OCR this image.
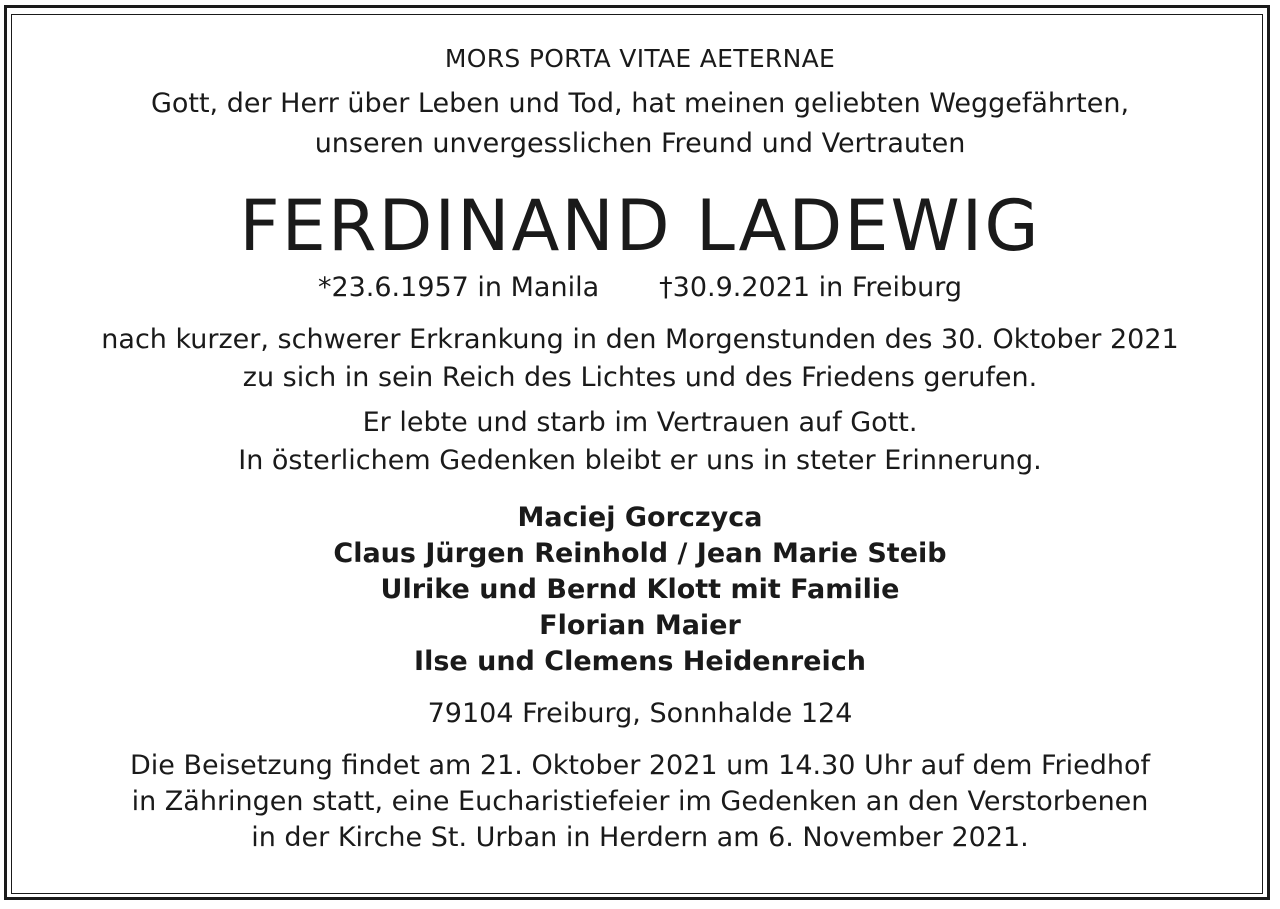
MORS PORTA VITAE AETERNAE
Gott, der Herr über Leben und Tod, hat meinen geliebten Weggefährten,
unseren unvergesslichen Freund und Vertrauten
FERDINAND LADEWIG
*23.6.1957 in Manila †30.9.2021 in Freiburg
nach kurzer, schwerer Erkrankung in den Morgenstunden des 30. Oktober 2021
zu sich in sein Reich des Lichtes und des Friedens gerufen.
Er lebte und starb im Vertrauen auf Gott.
In österlichem Gedenken bleibt er uns in steter Erinnerung.
Maciej Gorczyca
Claus Jürgen Reinhold / Jean Marie Steib
Ulrike und Bernd Klott mit Familie
Florian Maier
Ilse und Clemens Heidenreich
79104 Freiburg, Sonnhalde 124
Die Beisetzung findet am 21. Oktober 2021 um 14.30 Uhr auf dem Friedhof
in Zähringen statt, eine Eucharistiefeier im Gedenken an den Verstorbenen
in der Kirche St. Urban in Herdern am 6. November 2021.
